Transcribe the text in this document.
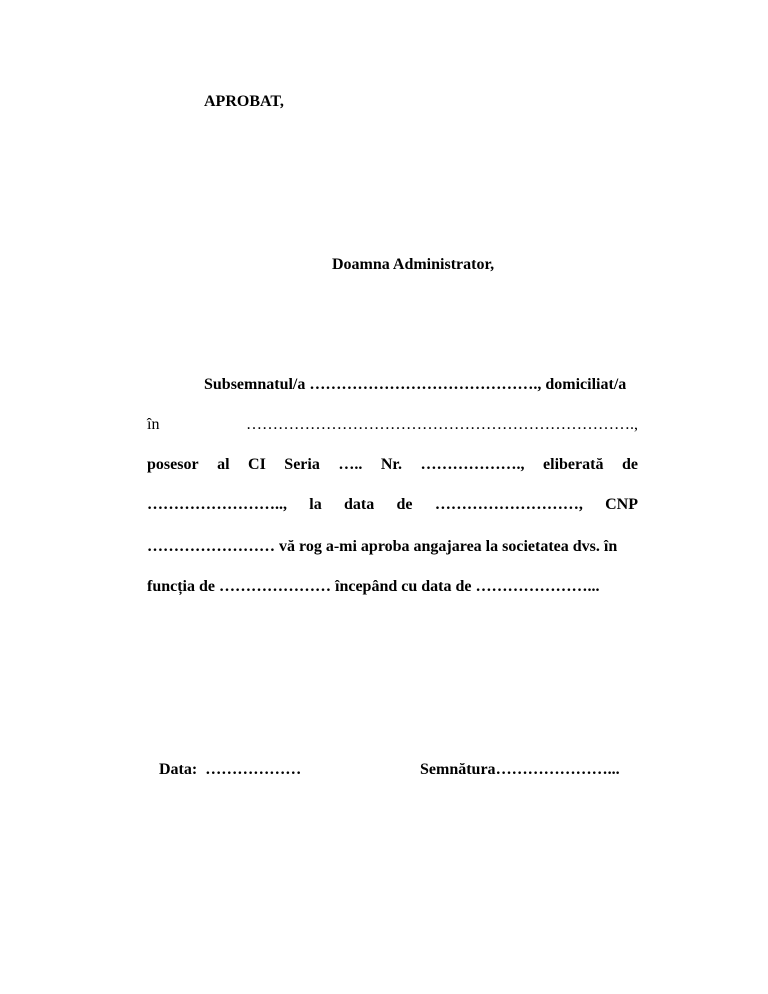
APROBAT,
Doamna Administrator,
Subsemnatul/a ……………………………………., domiciliat/a
în	……………………………………………………………….,
posesor al CI Seria ….. Nr. ………………., eliberată de
…………………….., la data de ………………………, CNP
…………………… vă rog a-mi aproba angajarea la societatea dvs. în
funcția de ………………… începând cu data de …………………...
Data: ………………	Semnătura…………………...
